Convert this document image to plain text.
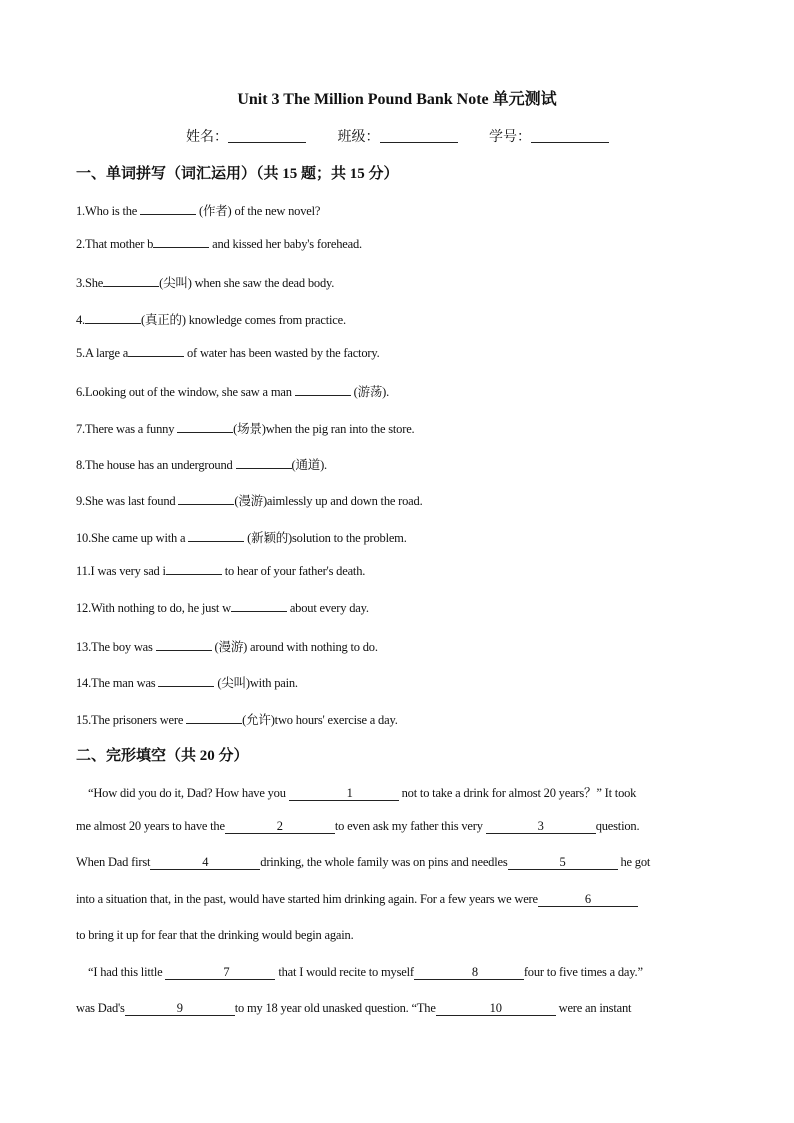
Unit 3 The Million Pound Bank Note 单元测试
姓名：	班级：	学号：
一、单词拼写（词汇运用）（共 15 题；共 15 分）
1.Who is the	(作者) of the new novel?
2.That mother b	and kissed her baby's forehead.
3.She	(尖叫) when she saw the dead body.
4.	(真正的) knowledge comes from practice.
5.A large a	of water has been wasted by the factory.
6.Looking out of the window, she saw a man	(游荡).
7.There was a funny	(场景)when the pig ran into the store.
8.The house has an underground	(通道).
9.She was last found	(漫游)aimlessly up and down the road.
10.She came up with a	(新颖的)solution to the problem.
11.I was very sad i	to hear of your father's death.
12.With nothing to do, he just w	about every day.
13.The boy was	(漫游) around with nothing to do.
14.The man was	(尖叫)with pain.
15.The prisoners were	(允许)two hours' exercise a day.
二、完形填空（共 20 分）
“How did you do it, Dad? How have you	1	not to take a drink for almost 20 years？” It took
me almost 20 years to have the	2	to even ask my father this very	3	question.
When Dad first	4	drinking, the whole family was on pins and needles	5	he got
into a situation that, in the past, would have started him drinking again. For a few years we were	6
to bring it up for fear that the drinking would begin again.
“I had this little	7	that I would recite to myself	8	four to five times a day.”
was Dad's	9	to my 18 year old unasked question. “The	10	were an instant
